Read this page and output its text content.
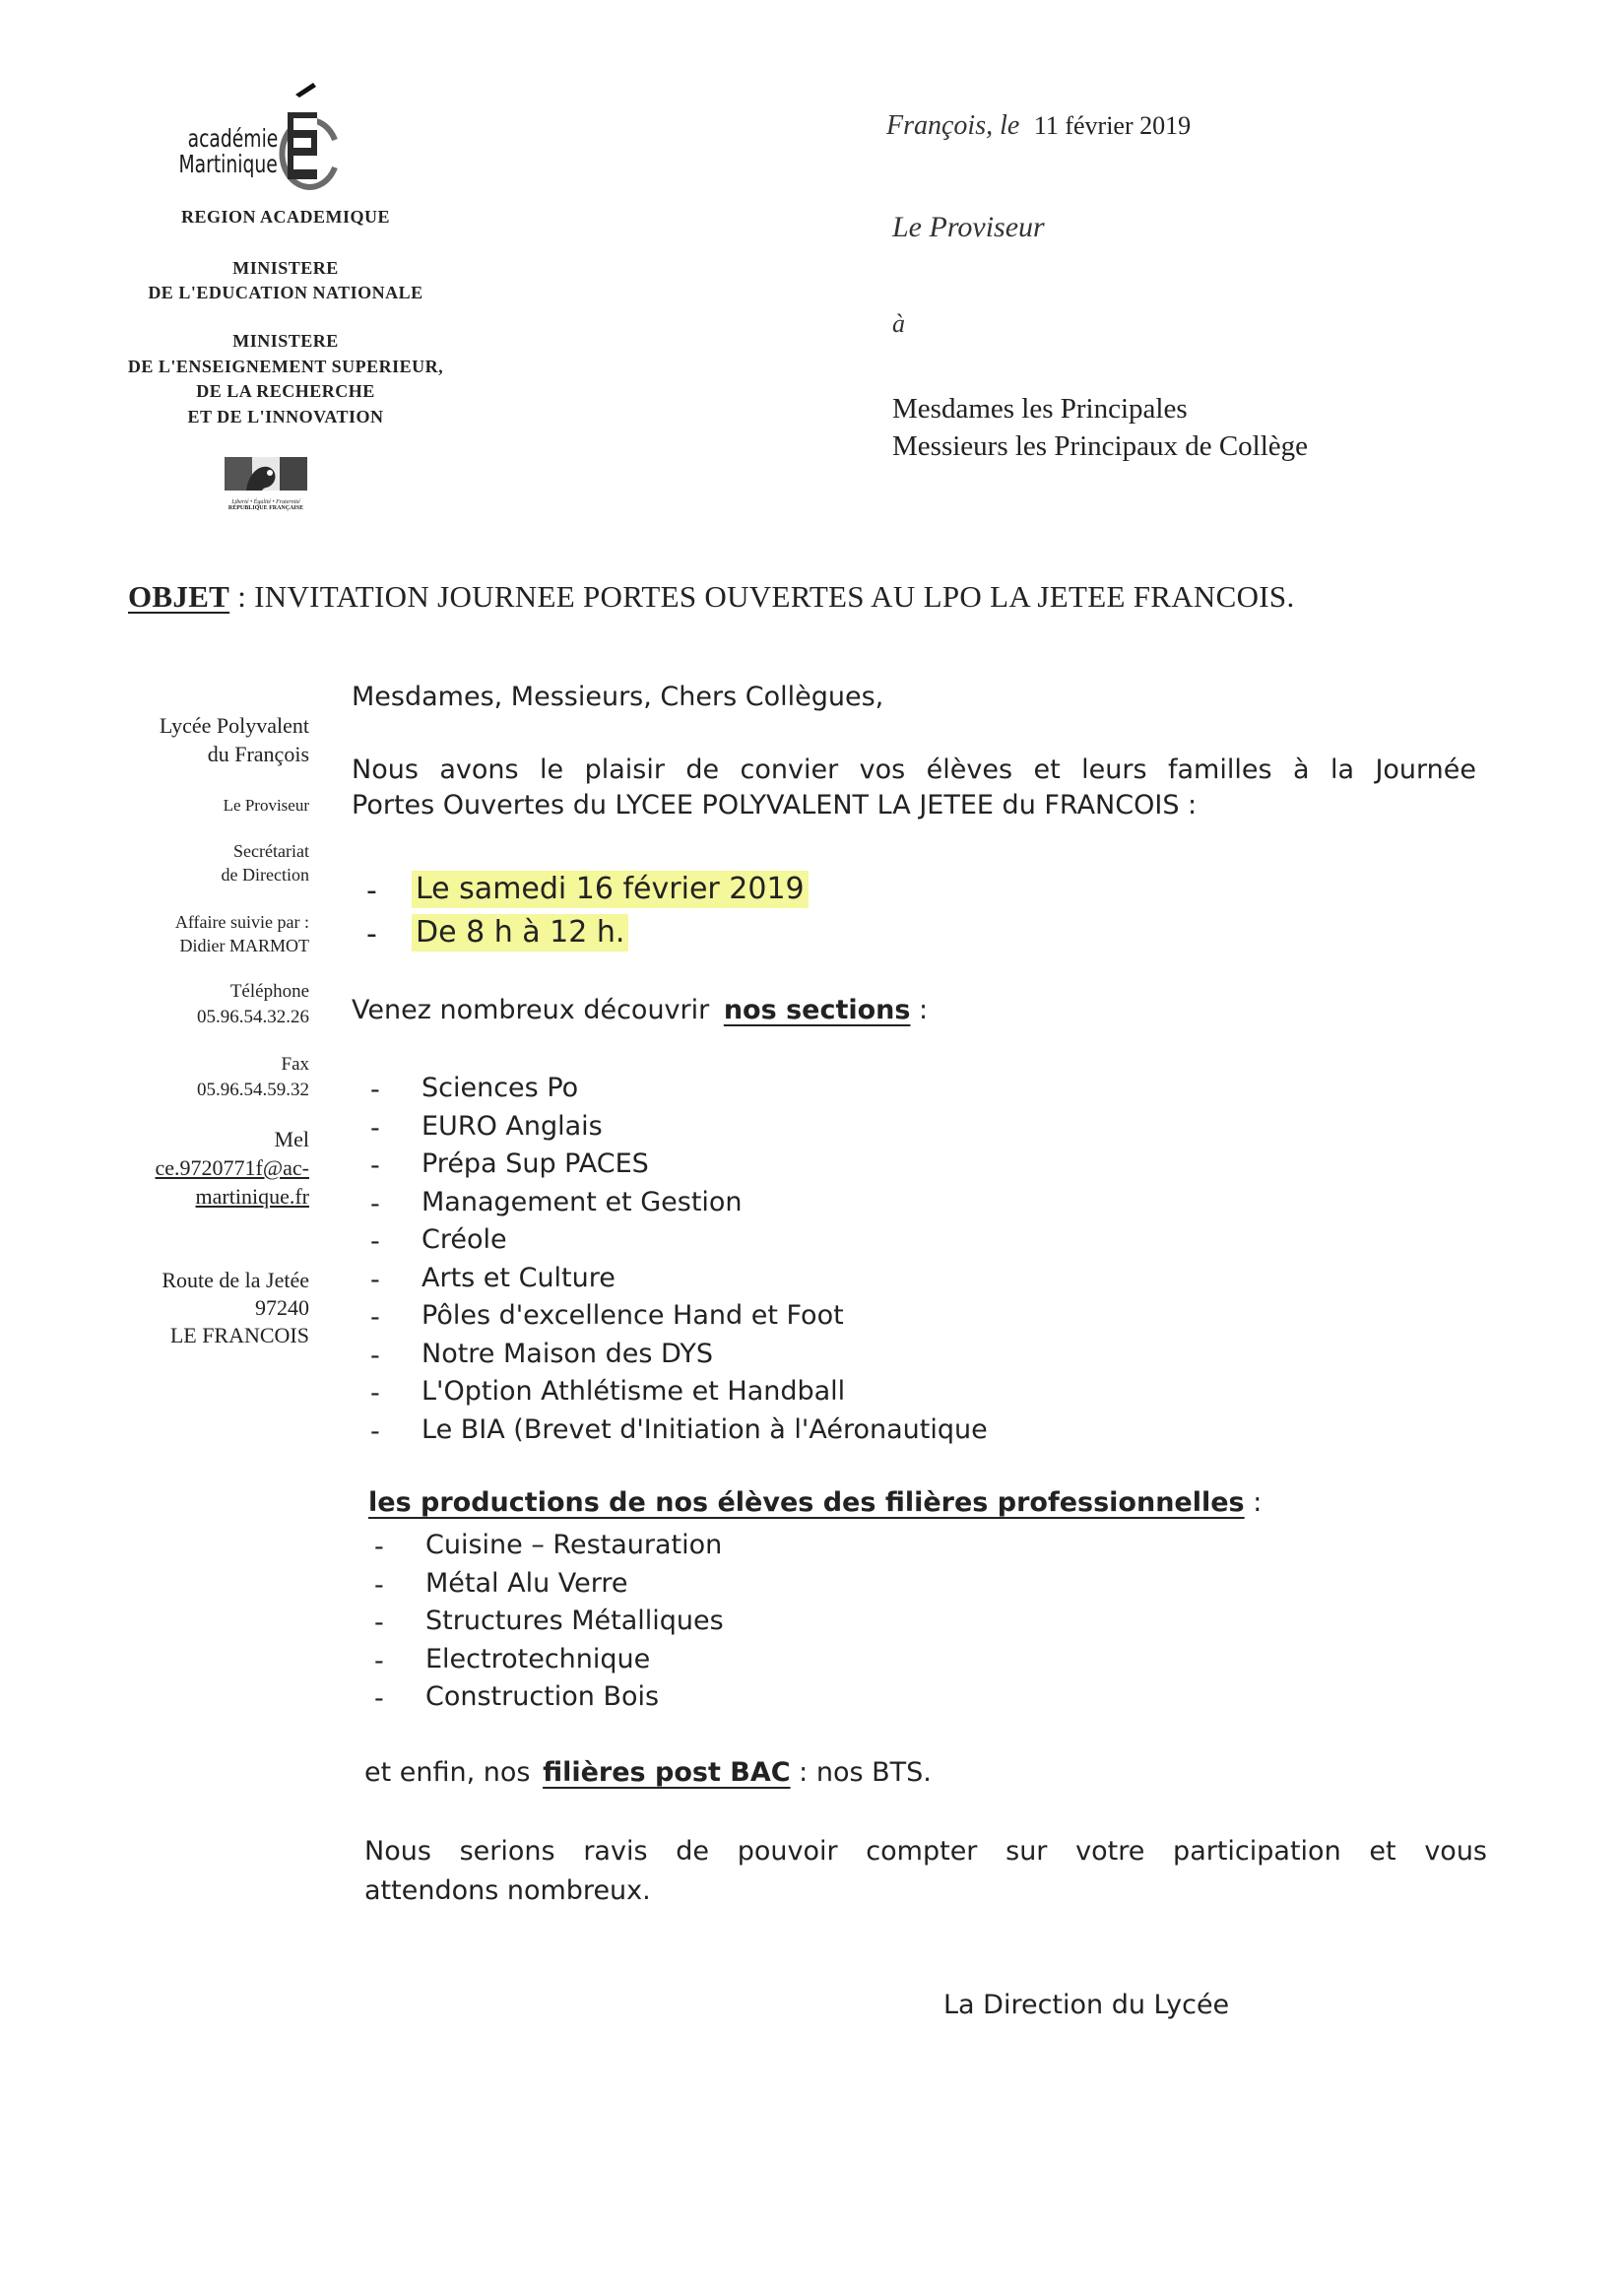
académie
Martinique
REGION ACADEMIQUE
MINISTERE
DE L'EDUCATION NATIONALE
MINISTERE
DE L'ENSEIGNEMENT SUPERIEUR,
DE LA RECHERCHE
ET DE L'INNOVATION
Liberté • Égalité • Fraternité
RÉPUBLIQUE FRANÇAISE
François, le 11 février 2019
Le Proviseur
à
Mesdames les Principales
Messieurs les Principaux de Collège
OBJET : INVITATION JOURNEE PORTES OUVERTES AU LPO LA JETEE FRANCOIS.
Lycée Polyvalent
du François
Le Proviseur
Secrétariat
de Direction
Affaire suivie par :
Didier MARMOT
Téléphone
05.96.54.32.26
Fax
05.96.54.59.32
Mel
ce.9720771f@ac-
martinique.fr
Route de la Jetée
97240
LE FRANCOIS
Mesdames, Messieurs, Chers Collègues,
Nous avons le plaisir de convier vos élèves et leurs familles à la Journée
Portes Ouvertes du LYCEE POLYVALENT LA JETEE du FRANCOIS :
- Le samedi 16 février 2019
- De 8 h à 12 h.
Venez nombreux découvrir nos sections :
- Sciences Po
- EURO Anglais
- Prépa Sup PACES
- Management et Gestion
- Créole
- Arts et Culture
- Pôles d'excellence Hand et Foot
- Notre Maison des DYS
- L'Option Athlétisme et Handball
- Le BIA (Brevet d'Initiation à l'Aéronautique
les productions de nos élèves des filières professionnelles :
- Cuisine – Restauration
- Métal Alu Verre
- Structures Métalliques
- Electrotechnique
- Construction Bois
et enfin, nos filières post BAC : nos BTS.
Nous serions ravis de pouvoir compter sur votre participation et vous
attendons nombreux.
La Direction du Lycée
